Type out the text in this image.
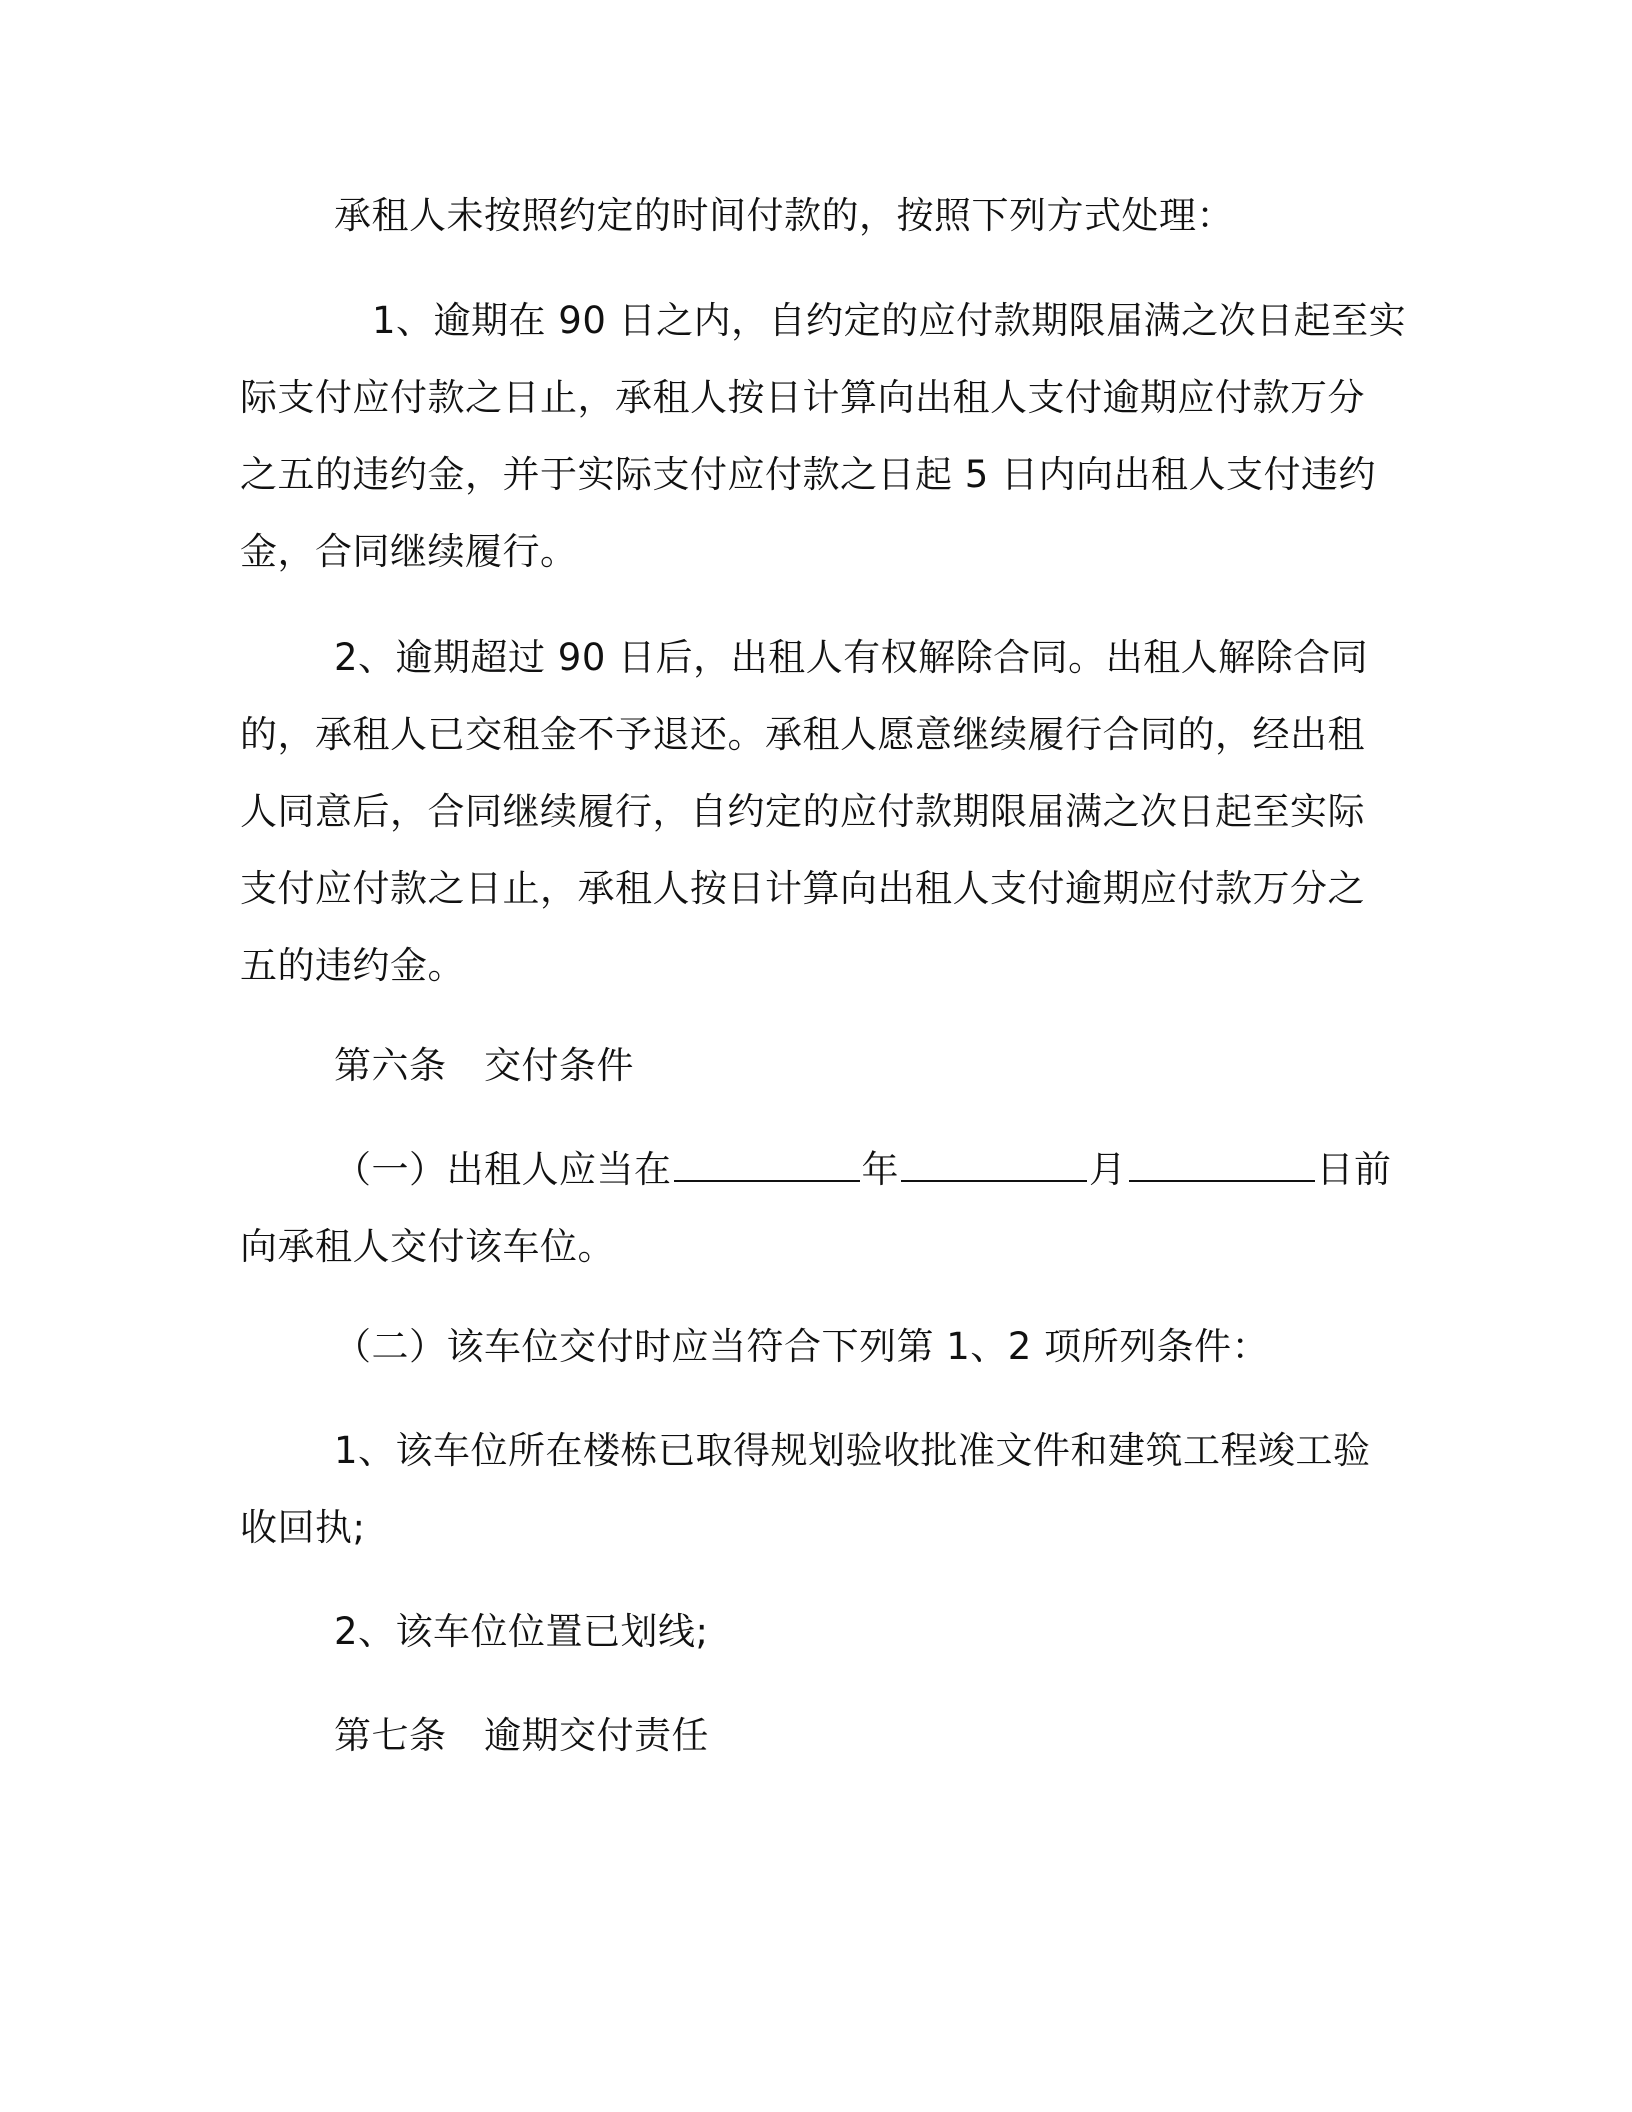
承租人未按照约定的时间付款的，按照下列方式处理：
1、逾期在 90 日之内，自约定的应付款期限届满之次日起至实
际支付应付款之日止，承租人按日计算向出租人支付逾期应付款万分
之五的违约金，并于实际支付应付款之日起 5 日内向出租人支付违约
金，合同继续履行。
2、逾期超过 90 日后，出租人有权解除合同。出租人解除合同
的，承租人已交租金不予退还。承租人愿意继续履行合同的，经出租
人同意后，合同继续履行，自约定的应付款期限届满之次日起至实际
支付应付款之日止，承租人按日计算向出租人支付逾期应付款万分之
五的违约金。
第六条　交付条件
（一）出租人应当在	年	月	日前
向承租人交付该车位。
（二）该车位交付时应当符合下列第 1、2 项所列条件：
1、该车位所在楼栋已取得规划验收批准文件和建筑工程竣工验
收回执;
2、该车位位置已划线;
第七条　逾期交付责任
